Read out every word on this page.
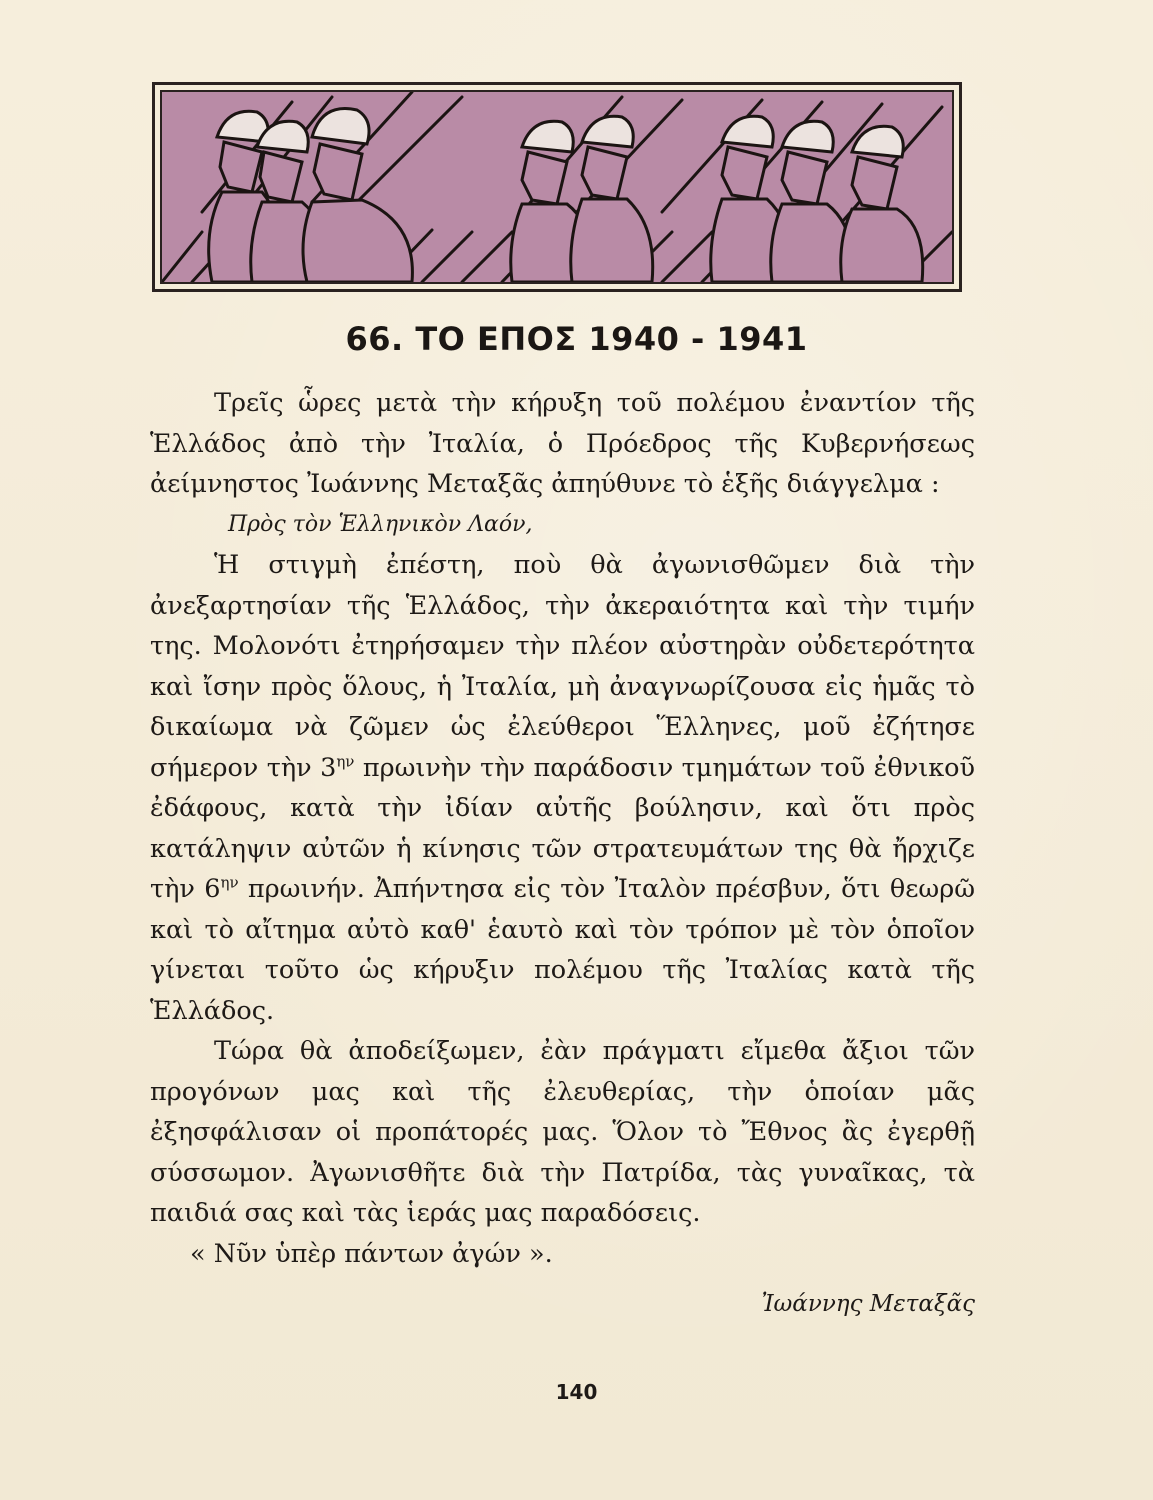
66. ΤΟ ΕΠΟΣ 1940 - 1941

Τρεῖς ὧρες μετὰ τὴν κήρυξη τοῦ πολέμου ἐναντίον τῆς Ἑλλάδος ἀπὸ τὴν Ἰταλία, ὁ Πρόεδρος τῆς Κυβερνήσεως ἀείμνηστος Ἰωάννης Μεταξᾶς ἀπηύθυνε τὸ ἑξῆς διάγγελμα :

Πρὸς τὸν Ἑλληνικὸν Λαόν,

Ἡ στιγμὴ ἐπέστη, ποὺ θὰ ἀγωνισθῶμεν διὰ τὴν ἀνεξαρτησίαν τῆς Ἑλλάδος, τὴν ἀκεραιότητα καὶ τὴν τιμήν της. Μολονότι ἐτηρήσαμεν τὴν πλέον αὐστηρὰν οὐδετερότητα καὶ ἴσην πρὸς ὅλους, ἡ Ἰταλία, μὴ ἀναγνωρίζουσα εἰς ἡμᾶς τὸ δικαίωμα νὰ ζῶμεν ὡς ἐλεύθεροι Ἕλληνες, μοῦ ἐζήτησε σήμερον τὴν $3^{\eta\nu}$ πρωινὴν τὴν παράδοσιν τμημάτων τοῦ ἐθνικοῦ ἐδάφους, κατὰ τὴν ἰδίαν αὐτῆς βούλησιν, καὶ ὅτι πρὸς κατάληψιν αὐτῶν ἡ κίνησις τῶν στρατευμάτων της θὰ ἤρχιζε τὴν $6^{\eta\nu}$ πρωινήν. Ἀπήντησα εἰς τὸν Ἰταλὸν πρέσβυν, ὅτι θεωρῶ καὶ τὸ αἴτημα αὐτὸ καθ' ἑαυτὸ καὶ τὸν τρόπον μὲ τὸν ὁποῖον γίνεται τοῦτο ὡς κήρυξιν πολέμου τῆς Ἰταλίας κατὰ τῆς Ἑλλάδος.

Τώρα θὰ ἀποδείξωμεν, ἐὰν πράγματι εἴμεθα ἄξιοι τῶν προγόνων μας καὶ τῆς ἐλευθερίας, τὴν ὁποίαν μᾶς ἐξησφάλισαν οἱ προπάτορές μας. Ὅλον τὸ Ἔθνος ἂς ἐγερθῇ σύσσωμον. Ἀγωνισθῆτε διὰ τὴν Πατρίδα, τὰς γυναῖκας, τὰ παιδιά σας καὶ τὰς ἱεράς μας παραδόσεις.

« Νῦν ὑπὲρ πάντων ἀγών ».

Ἰωάννης Μεταξᾶς

140
